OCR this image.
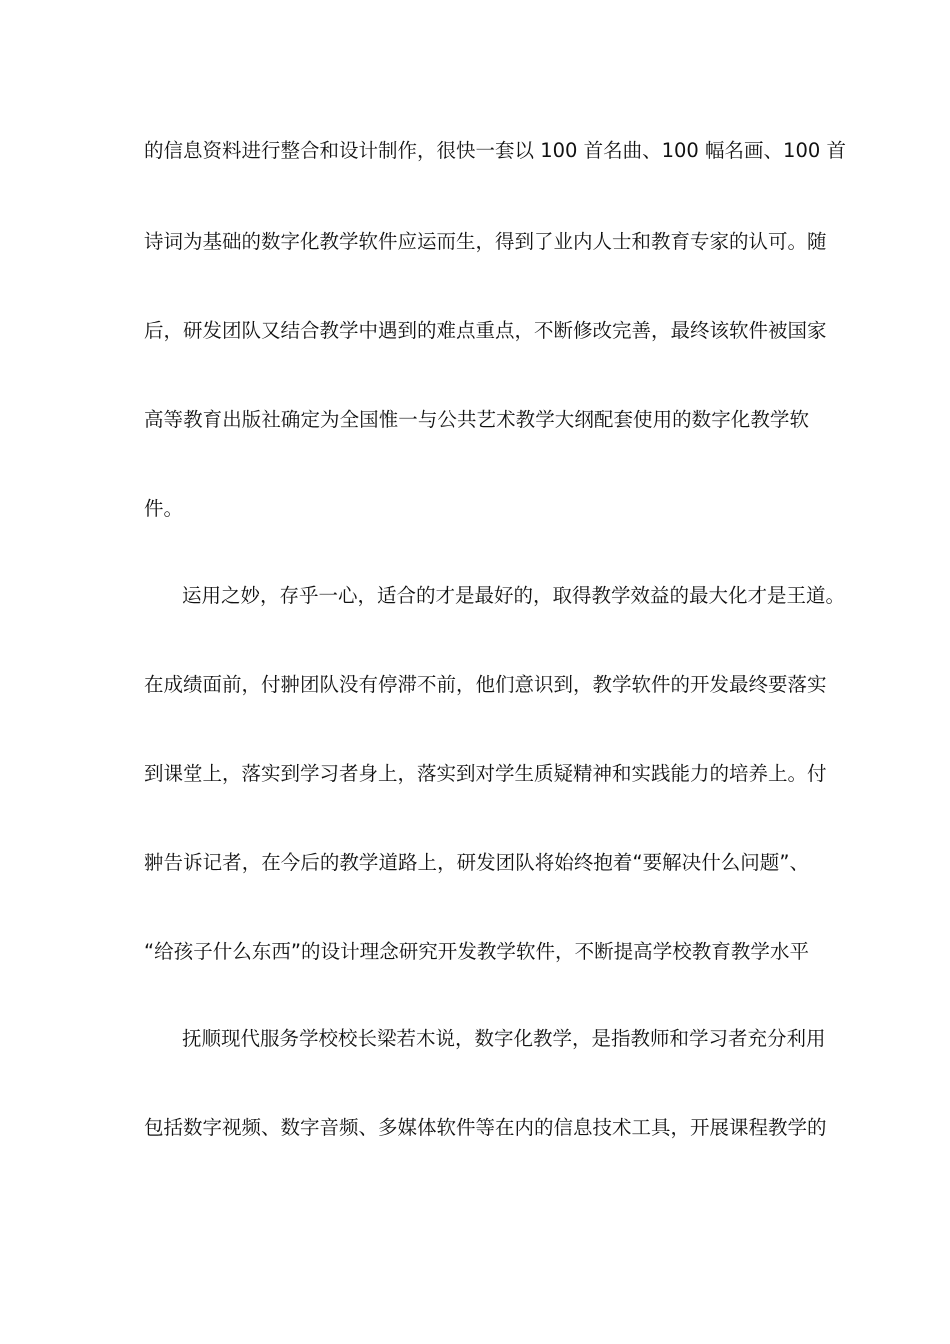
的信息资料进行整合和设计制作，很快一套以 100 首名曲、100 幅名画、100 首
诗词为基础的数字化教学软件应运而生，得到了业内人士和教育专家的认可。随
后，研发团队又结合教学中遇到的难点重点，不断修改完善，最终该软件被国家
高等教育出版社确定为全国惟一与公共艺术教学大纲配套使用的数字化教学软
件。
运用之妙，存乎一心，适合的才是最好的，取得教学效益的最大化才是王道。
在成绩面前，付翀团队没有停滞不前，他们意识到，教学软件的开发最终要落实
到课堂上，落实到学习者身上，落实到对学生质疑精神和实践能力的培养上。付
翀告诉记者，在今后的教学道路上，研发团队将始终抱着“要解决什么问题”、
“给孩子什么东西”的设计理念研究开发教学软件，不断提高学校教育教学水平
抚顺现代服务学校校长梁若木说，数字化教学，是指教师和学习者充分利用
包括数字视频、数字音频、多媒体软件等在内的信息技术工具，开展课程教学的
